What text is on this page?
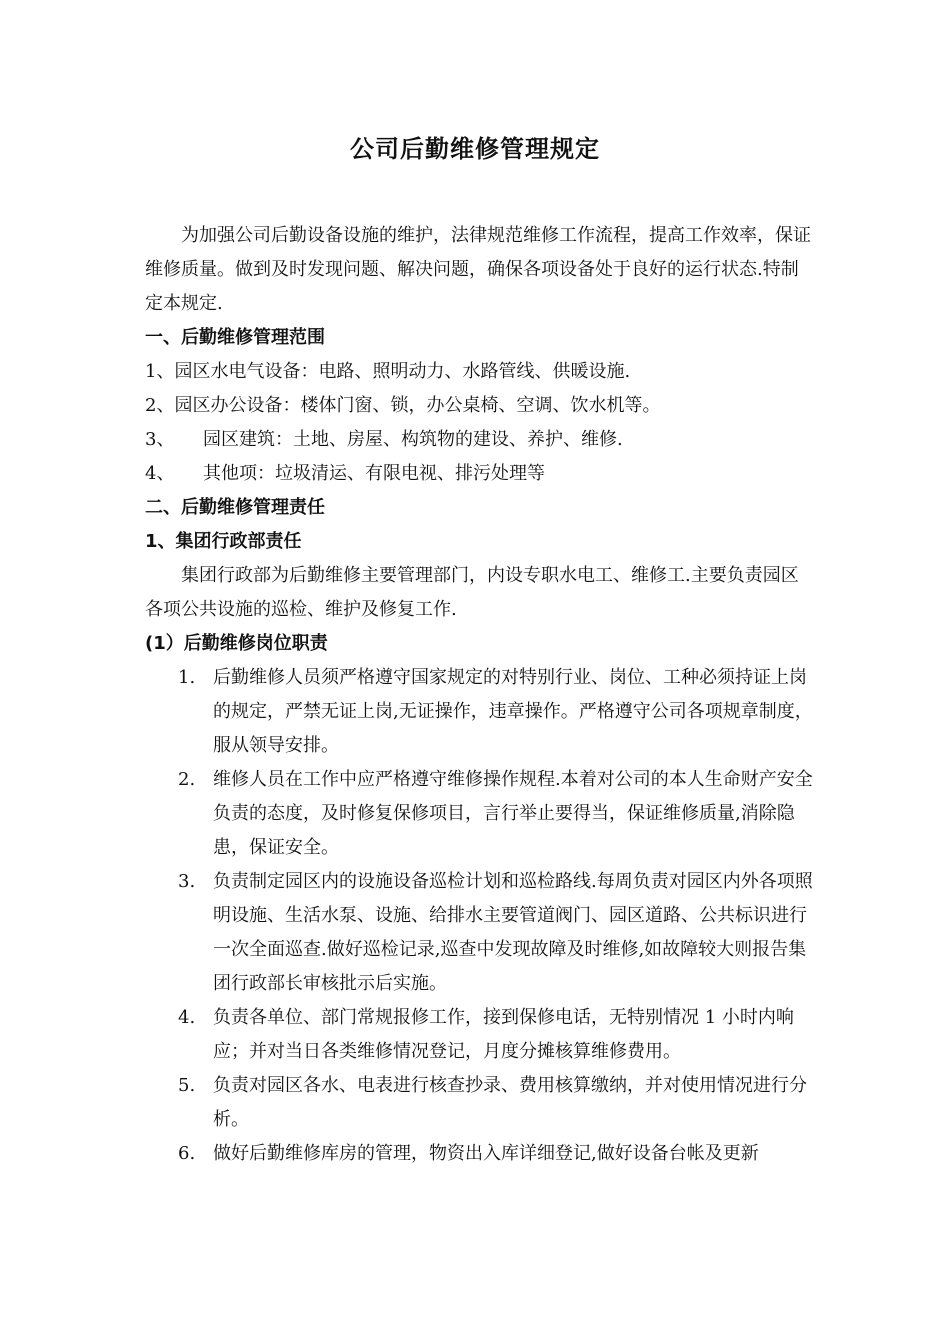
公司后勤维修管理规定

为加强公司后勤设备设施的维护，法律规范维修工作流程，提高工作效率，保证维修质量。做到及时发现问题、解决问题，确保各项设备处于良好的运行状态.特制定本规定.

一、后勤维修管理范围

1、园区水电气设备：电路、照明动力、水路管线、供暖设施.

2、园区办公设备：楼体门窗、锁，办公桌椅、空调、饮水机等。

3、 园区建筑：土地、房屋、构筑物的建设、养护、维修.

4、 其他项：垃圾清运、有限电视、排污处理等

二、后勤维修管理责任

1、集团行政部责任

集团行政部为后勤维修主要管理部门，内设专职水电工、维修工.主要负责园区各项公共设施的巡检、维护及修复工作.

(1）后勤维修岗位职责

1. 后勤维修人员须严格遵守国家规定的对特别行业、岗位、工种必须持证上岗的规定，严禁无证上岗,无证操作，违章操作。严格遵守公司各项规章制度，服从领导安排。
2. 维修人员在工作中应严格遵守维修操作规程.本着对公司的本人生命财产安全负责的态度，及时修复保修项目，言行举止要得当，保证维修质量,消除隐患，保证安全。
3. 负责制定园区内的设施设备巡检计划和巡检路线.每周负责对园区内外各项照明设施、生活水泵、设施、给排水主要管道阀门、园区道路、公共标识进行一次全面巡查.做好巡检记录,巡查中发现故障及时维修,如故障较大则报告集团行政部长审核批示后实施。
4. 负责各单位、部门常规报修工作，接到保修电话，无特别情况 1 小时内响应；并对当日各类维修情况登记，月度分摊核算维修费用。
5. 负责对园区各水、电表进行核查抄录、费用核算缴纳，并对使用情况进行分析。
6. 做好后勤维修库房的管理，物资出入库详细登记,做好设备台帐及更新
